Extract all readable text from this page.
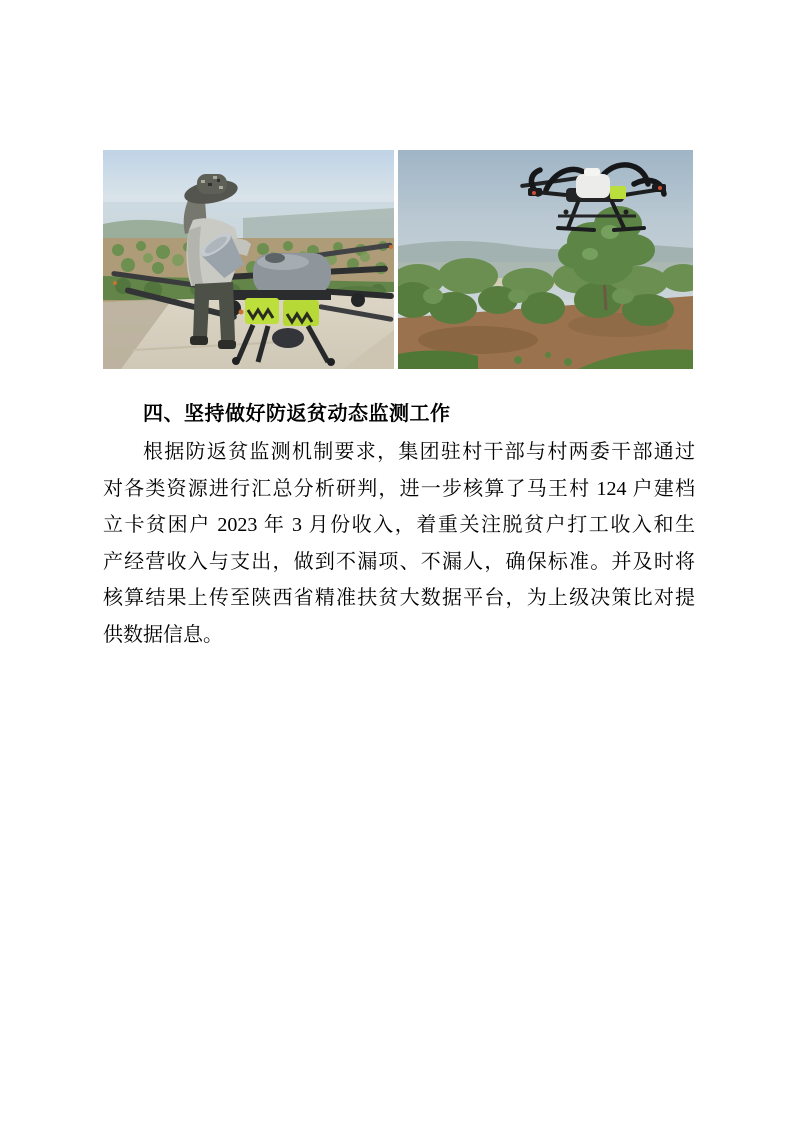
四、坚持做好防返贫动态监测工作
根据防返贫监测机制要求，集团驻村干部与村两委干部通过
对各类资源进行汇总分析研判，进一步核算了马王村 124 户建档
立卡贫困户 2023 年 3 月份收入，着重关注脱贫户打工收入和生
产经营收入与支出，做到不漏项、不漏人，确保标准。并及时将
核算结果上传至陕西省精准扶贫大数据平台，为上级决策比对提
供数据信息。
